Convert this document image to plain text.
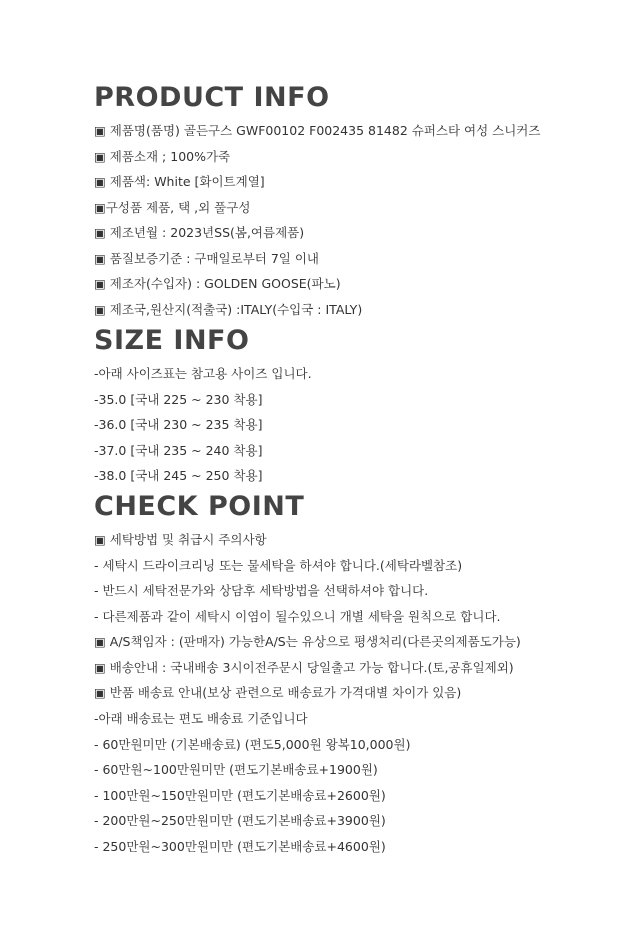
PRODUCT INFO

▣ 제품명(품명) 골든구스 GWF00102 F002435 81482 슈퍼스타 여성 스니커즈

▣ 제품소재 ; 100%가죽

▣ 제품색: White [화이트계열]

▣구성품 제품, 택 ,외 풀구성

▣ 제조년월 : 2023년SS(봄,여름제품)

▣ 품질보증기준 : 구매일로부터 7일 이내

▣ 제조자(수입자) : GOLDEN GOOSE(파노)

▣ 제조국,원산지(적출국) :ITALY(수입국 : ITALY)

SIZE INFO

-아래 사이즈표는 참고용 사이즈 입니다.

-35.0 [국내 225 ~ 230 착용]

-36.0 [국내 230 ~ 235 착용]

-37.0 [국내 235 ~ 240 착용]

-38.0 [국내 245 ~ 250 착용]

CHECK POINT

▣ 세탁방법 및 취급시 주의사항

- 세탁시 드라이크리닝 또는 물세탁을 하셔야 합니다.(세탁라벨참조)

- 반드시 세탁전문가와 상담후 세탁방법을 선택하셔야 합니다.

- 다른제품과 같이 세탁시 이염이 될수있으니 개별 세탁을 원칙으로 합니다.

▣ A/S책임자 : (판매자) 가능한A/S는 유상으로 평생처리(다른곳의제품도가능)

▣ 배송안내 : 국내배송 3시이전주문시 당일출고 가능 합니다.(토,공휴일제외)

▣ 반품 배송료 안내(보상 관련으로 배송료가 가격대별 차이가 있음)

-아래 배송료는 편도 배송료 기준입니다

- 60만원미만 (기본배송료) (편도5,000원 왕복10,000원)

- 60만원~100만원미만 (편도기본배송료+1900원)

- 100만원~150만원미만 (편도기본배송료+2600원)

- 200만원~250만원미만 (편도기본배송료+3900원)

- 250만원~300만원미만 (편도기본배송료+4600원)
